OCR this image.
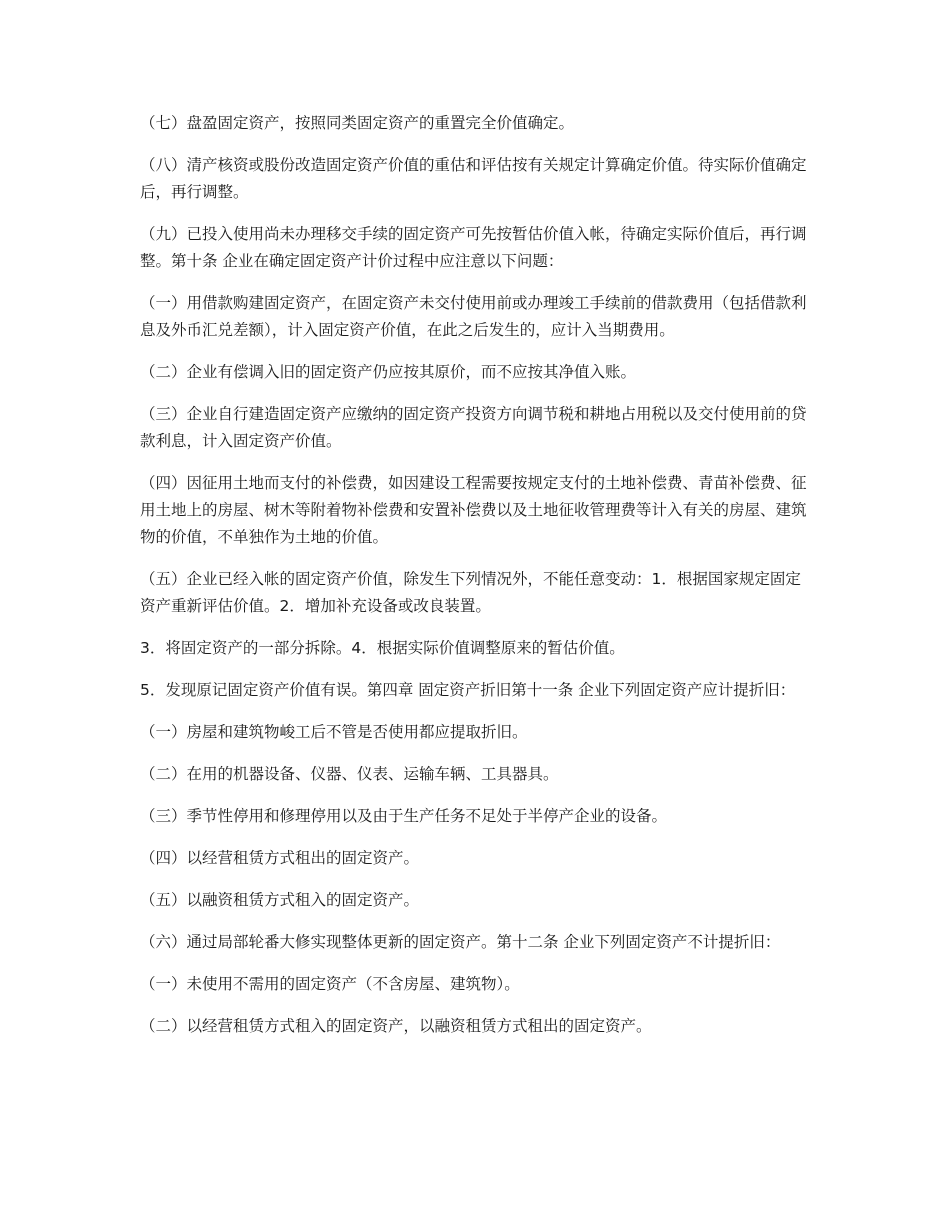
（七）盘盈固定资产，按照同类固定资产的重置完全价值确定。

（八）清产核资或股份改造固定资产价值的重估和评估按有关规定计算确定价值。待实际价值确定后，再行调整。

（九）已投入使用尚未办理移交手续的固定资产可先按暂估价值入帐，待确定实际价值后，再行调整。第十条 企业在确定固定资产计价过程中应注意以下问题：

（一）用借款购建固定资产，在固定资产未交付使用前或办理竣工手续前的借款费用（包括借款利息及外币汇兑差额），计入固定资产价值，在此之后发生的，应计入当期费用。

（二）企业有偿调入旧的固定资产仍应按其原价，而不应按其净值入账。

（三）企业自行建造固定资产应缴纳的固定资产投资方向调节税和耕地占用税以及交付使用前的贷款利息，计入固定资产价值。

（四）因征用土地而支付的补偿费，如因建设工程需要按规定支付的土地补偿费、青苗补偿费、征用土地上的房屋、树木等附着物补偿费和安置补偿费以及土地征收管理费等计入有关的房屋、建筑物的价值，不单独作为土地的价值。

（五）企业已经入帐的固定资产价值，除发生下列情况外，不能任意变动：1．根据国家规定固定资产重新评估价值。2．增加补充设备或改良装置。

3．将固定资产的一部分拆除。4．根据实际价值调整原来的暂估价值。

5．发现原记固定资产价值有误。第四章 固定资产折旧第十一条 企业下列固定资产应计提折旧：

（一）房屋和建筑物峻工后不管是否使用都应提取折旧。

（二）在用的机器设备、仪器、仪表、运输车辆、工具器具。

（三）季节性停用和修理停用以及由于生产任务不足处于半停产企业的设备。

（四）以经营租赁方式租出的固定资产。

（五）以融资租赁方式租入的固定资产。

（六）通过局部轮番大修实现整体更新的固定资产。第十二条 企业下列固定资产不计提折旧：

（一）未使用不需用的固定资产（不含房屋、建筑物）。

（二）以经营租赁方式租入的固定资产，以融资租赁方式租出的固定资产。
